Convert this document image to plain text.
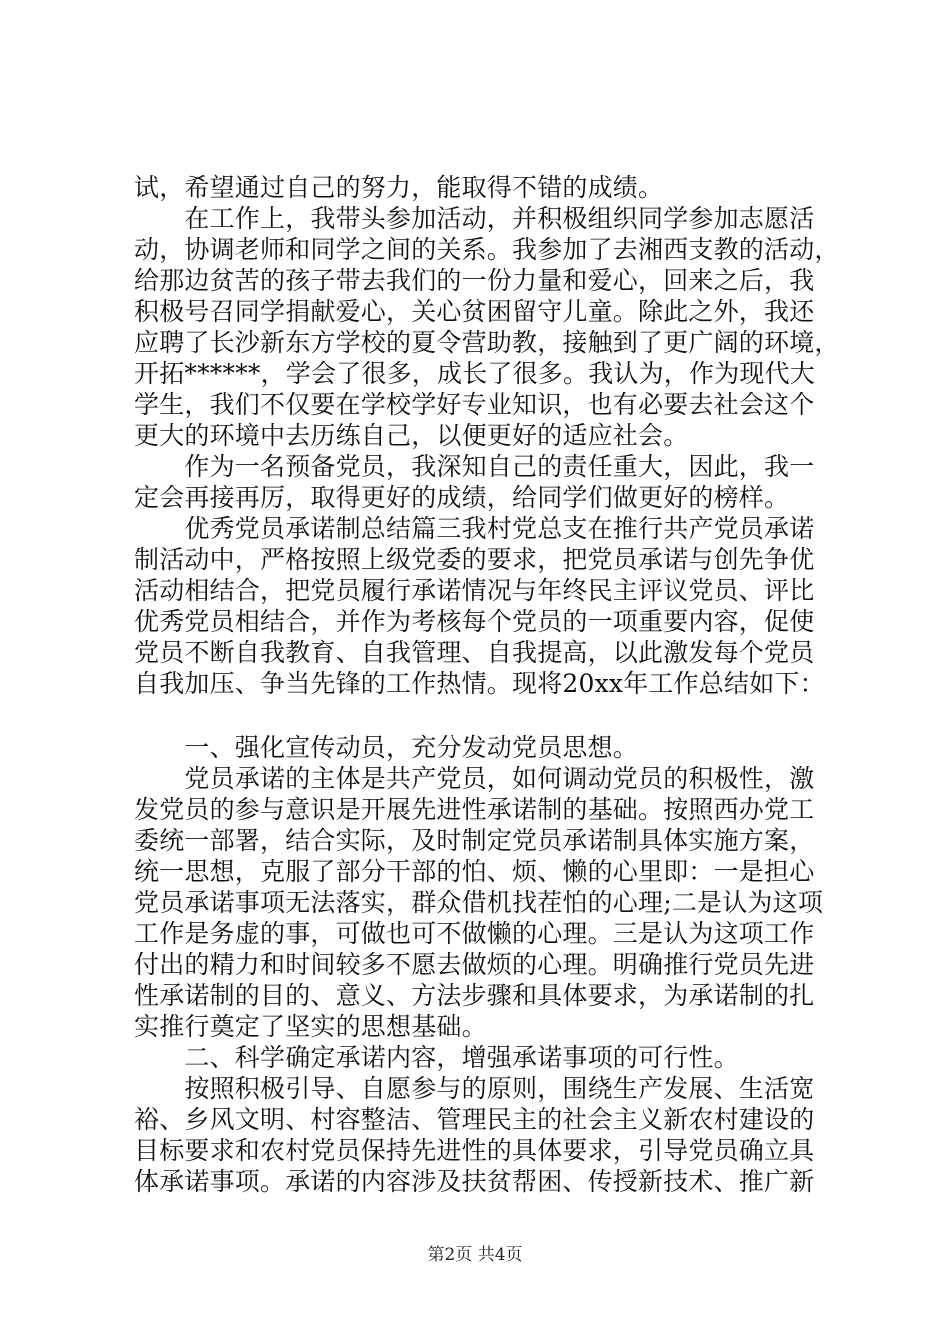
试，希望通过自己的努力，能取得不错的成绩。
　　在工作上，我带头参加活动，并积极组织同学参加志愿活
动，协调老师和同学之间的关系。我参加了去湘西支教的活动，
给那边贫苦的孩子带去我们的一份力量和爱心，回来之后，我
积极号召同学捐献爱心，关心贫困留守儿童。除此之外，我还
应聘了长沙新东方学校的夏令营助教，接触到了更广阔的环境，
开拓******，学会了很多，成长了很多。我认为，作为现代大
学生，我们不仅要在学校学好专业知识，也有必要去社会这个
更大的环境中去历练自己，以便更好的适应社会。
　　作为一名预备党员，我深知自己的责任重大，因此，我一
定会再接再厉，取得更好的成绩，给同学们做更好的榜样。
　　优秀党员承诺制总结篇三我村党总支在推行共产党员承诺
制活动中，严格按照上级党委的要求，把党员承诺与创先争优
活动相结合，把党员履行承诺情况与年终民主评议党员、评比
优秀党员相结合，并作为考核每个党员的一项重要内容，促使
党员不断自我教育、自我管理、自我提高，以此激发每个党员
自我加压、争当先锋的工作热情。现将20xx年工作总结如下：
　　一、强化宣传动员，充分发动党员思想。
　　党员承诺的主体是共产党员，如何调动党员的积极性，激
发党员的参与意识是开展先进性承诺制的基础。按照西办党工
委统一部署，结合实际，及时制定党员承诺制具体实施方案，
统一思想，克服了部分干部的怕、烦、懒的心里即：一是担心
党员承诺事项无法落实，群众借机找茬怕的心理;二是认为这项
工作是务虚的事，可做也可不做懒的心理。三是认为这项工作
付出的精力和时间较多不愿去做烦的心理。明确推行党员先进
性承诺制的目的、意义、方法步骤和具体要求，为承诺制的扎
实推行奠定了坚实的思想基础。
　　二、科学确定承诺内容，增强承诺事项的可行性。
　　按照积极引导、自愿参与的原则，围绕生产发展、生活宽
裕、乡风文明、村容整洁、管理民主的社会主义新农村建设的
目标要求和农村党员保持先进性的具体要求，引导党员确立具
体承诺事项。承诺的内容涉及扶贫帮困、传授新技术、推广新
第2页 共4页
